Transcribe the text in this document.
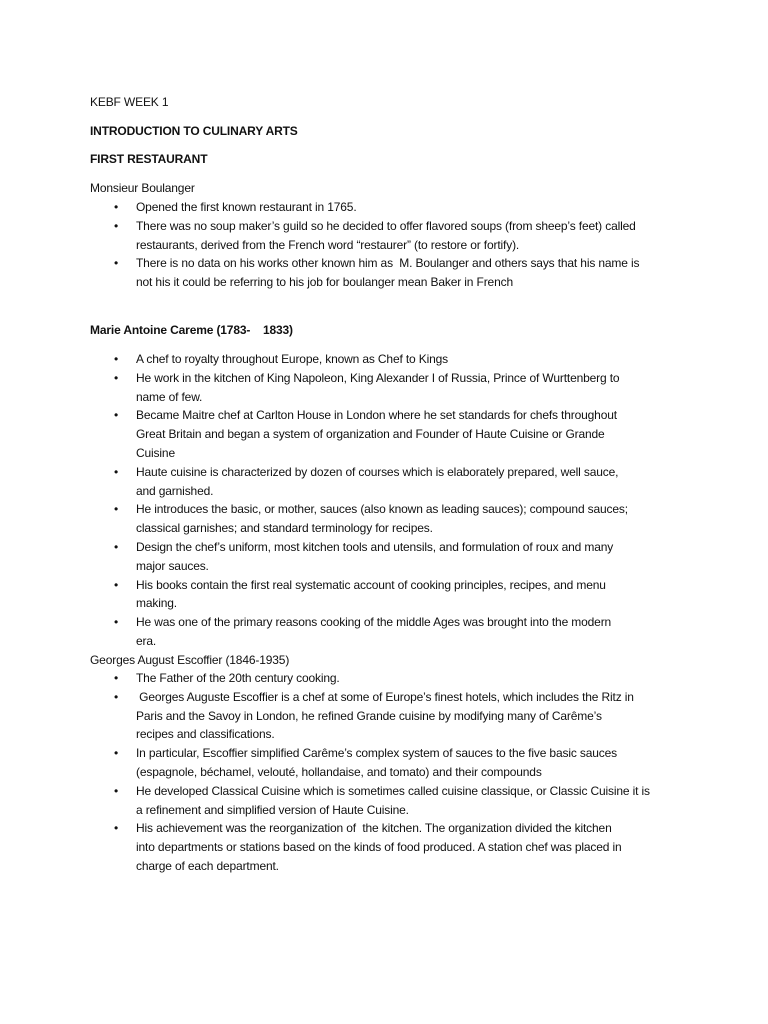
KEBF WEEK 1
INTRODUCTION TO CULINARY ARTS
FIRST RESTAURANT
Monsieur Boulanger
• Opened the first known restaurant in 1765.
• There was no soup maker’s guild so he decided to offer flavored soups (from sheep’s feet) called
restaurants, derived from the French word “restaurer” (to restore or fortify).
• There is no data on his works other known him as  M. Boulanger and others says that his name is
not his it could be referring to his job for boulanger mean Baker in French
Marie Antoine Careme (1783-    1833)
• A chef to royalty throughout Europe, known as Chef to Kings
• He work in the kitchen of King Napoleon, King Alexander I of Russia, Prince of Wurttenberg to
name of few.
• Became Maitre chef at Carlton House in London where he set standards for chefs throughout
Great Britain and began a system of organization and Founder of Haute Cuisine or Grande
Cuisine
• Haute cuisine is characterized by dozen of courses which is elaborately prepared, well sauce,
and garnished.
• He introduces the basic, or mother, sauces (also known as leading sauces); compound sauces;
classical garnishes; and standard terminology for recipes.
• Design the chef’s uniform, most kitchen tools and utensils, and formulation of roux and many
major sauces.
• His books contain the first real systematic account of cooking principles, recipes, and menu
making.
• He was one of the primary reasons cooking of the middle Ages was brought into the modern
era.
Georges August Escoffier (1846-1935)
• The Father of the 20th century cooking.
•  Georges Auguste Escoffier is a chef at some of Europe’s finest hotels, which includes the Ritz in
Paris and the Savoy in London, he refined Grande cuisine by modifying many of Carême’s
recipes and classifications.
• In particular, Escoffier simplified Carême’s complex system of sauces to the five basic sauces
(espagnole, béchamel, velouté, hollandaise, and tomato) and their compounds
• He developed Classical Cuisine which is sometimes called cuisine classique, or Classic Cuisine it is
a refinement and simplified version of Haute Cuisine.
• His achievement was the reorganization of  the kitchen. The organization divided the kitchen
into departments or stations based on the kinds of food produced. A station chef was placed in
charge of each department.
